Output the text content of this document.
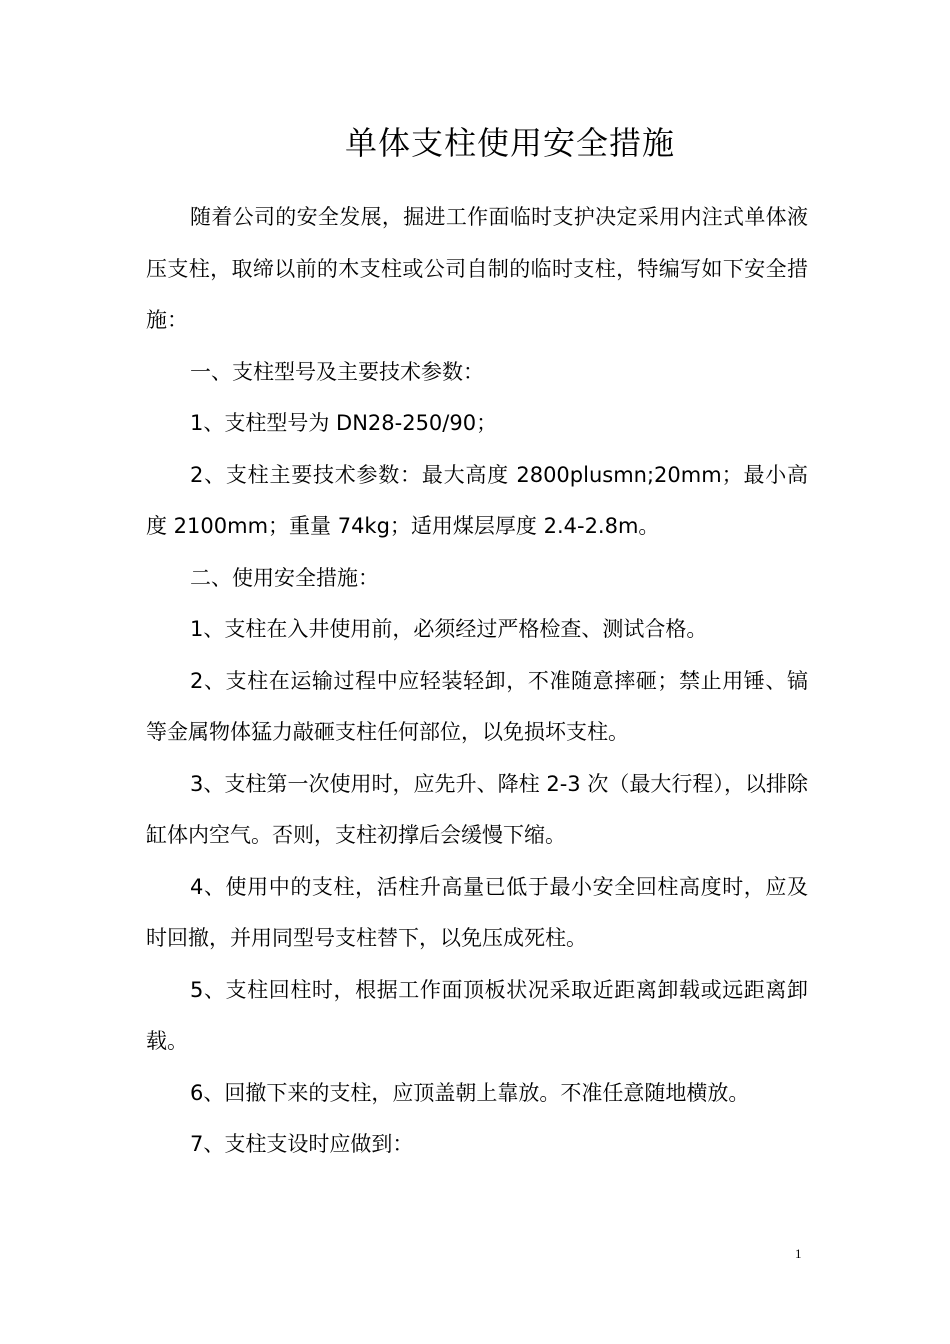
单体支柱使用安全措施

随着公司的安全发展，掘进工作面临时支护决定采用内注式单体液压支柱，取缔以前的木支柱或公司自制的临时支柱，特编写如下安全措施：

一、支柱型号及主要技术参数：

1、支柱型号为 DN28-250/90；

2、支柱主要技术参数：最大高度 2800plusmn;20mm；最小高度 2100mm；重量 74kg；适用煤层厚度 2.4-2.8m。

二、使用安全措施：

1、支柱在入井使用前，必须经过严格检查、测试合格。

2、支柱在运输过程中应轻装轻卸，不准随意摔砸；禁止用锤、镐等金属物体猛力敲砸支柱任何部位，以免损坏支柱。

3、支柱第一次使用时，应先升、降柱 2-3 次（最大行程），以排除缸体内空气。否则，支柱初撑后会缓慢下缩。

4、使用中的支柱，活柱升高量已低于最小安全回柱高度时，应及时回撤，并用同型号支柱替下，以免压成死柱。

5、支柱回柱时，根据工作面顶板状况采取近距离卸载或远距离卸载。

6、回撤下来的支柱，应顶盖朝上靠放。不准任意随地横放。

7、支柱支设时应做到：

1
